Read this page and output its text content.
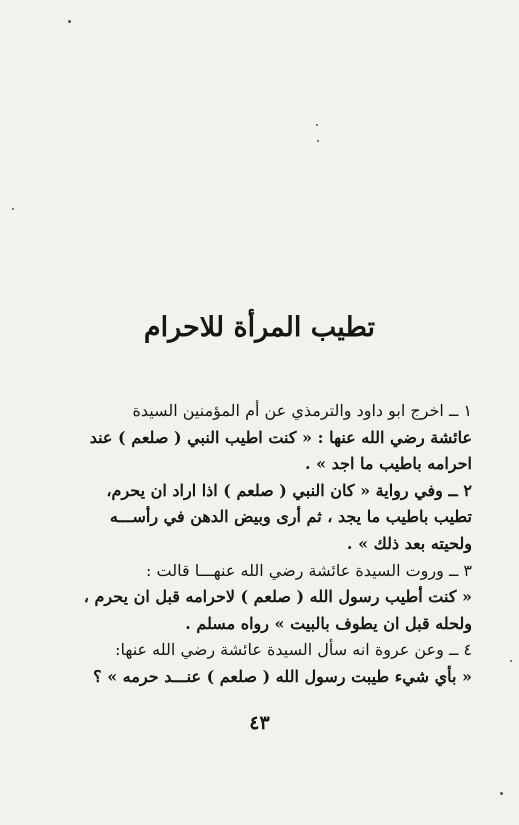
تطيب المرأة للاحرام
١ ــ اخرج ابو داود والترمذي عن أم المؤمنين السيدة
عائشة رضي الله عنها : « كنت اطيب النبي ( صلعم ) عند
احرامه باطيب ما اجد » .
٢ ــ وفي رواية « كان النبي ( صلعم ) اذا اراد ان يحرم،
تطيب باطيب ما يجد ، ثم أرى وبيض الدهن في رأســـه
ولحيته بعد ذلك » .
٣ ــ وروت السيدة عائشة رضي الله عنهـــا قالت :
« كنت أطيب رسول الله ( صلعم ) لاحرامه قبل ان يحرم ،
ولحله قبل ان يطوف بالبيت » رواه مسلم .
٤ ــ وعن عروة انه سأل السيدة عائشة رضي الله عنها:
« بأي شيء طيبت رسول الله ( صلعم ) عنـــد حرمه » ؟
٤٣
